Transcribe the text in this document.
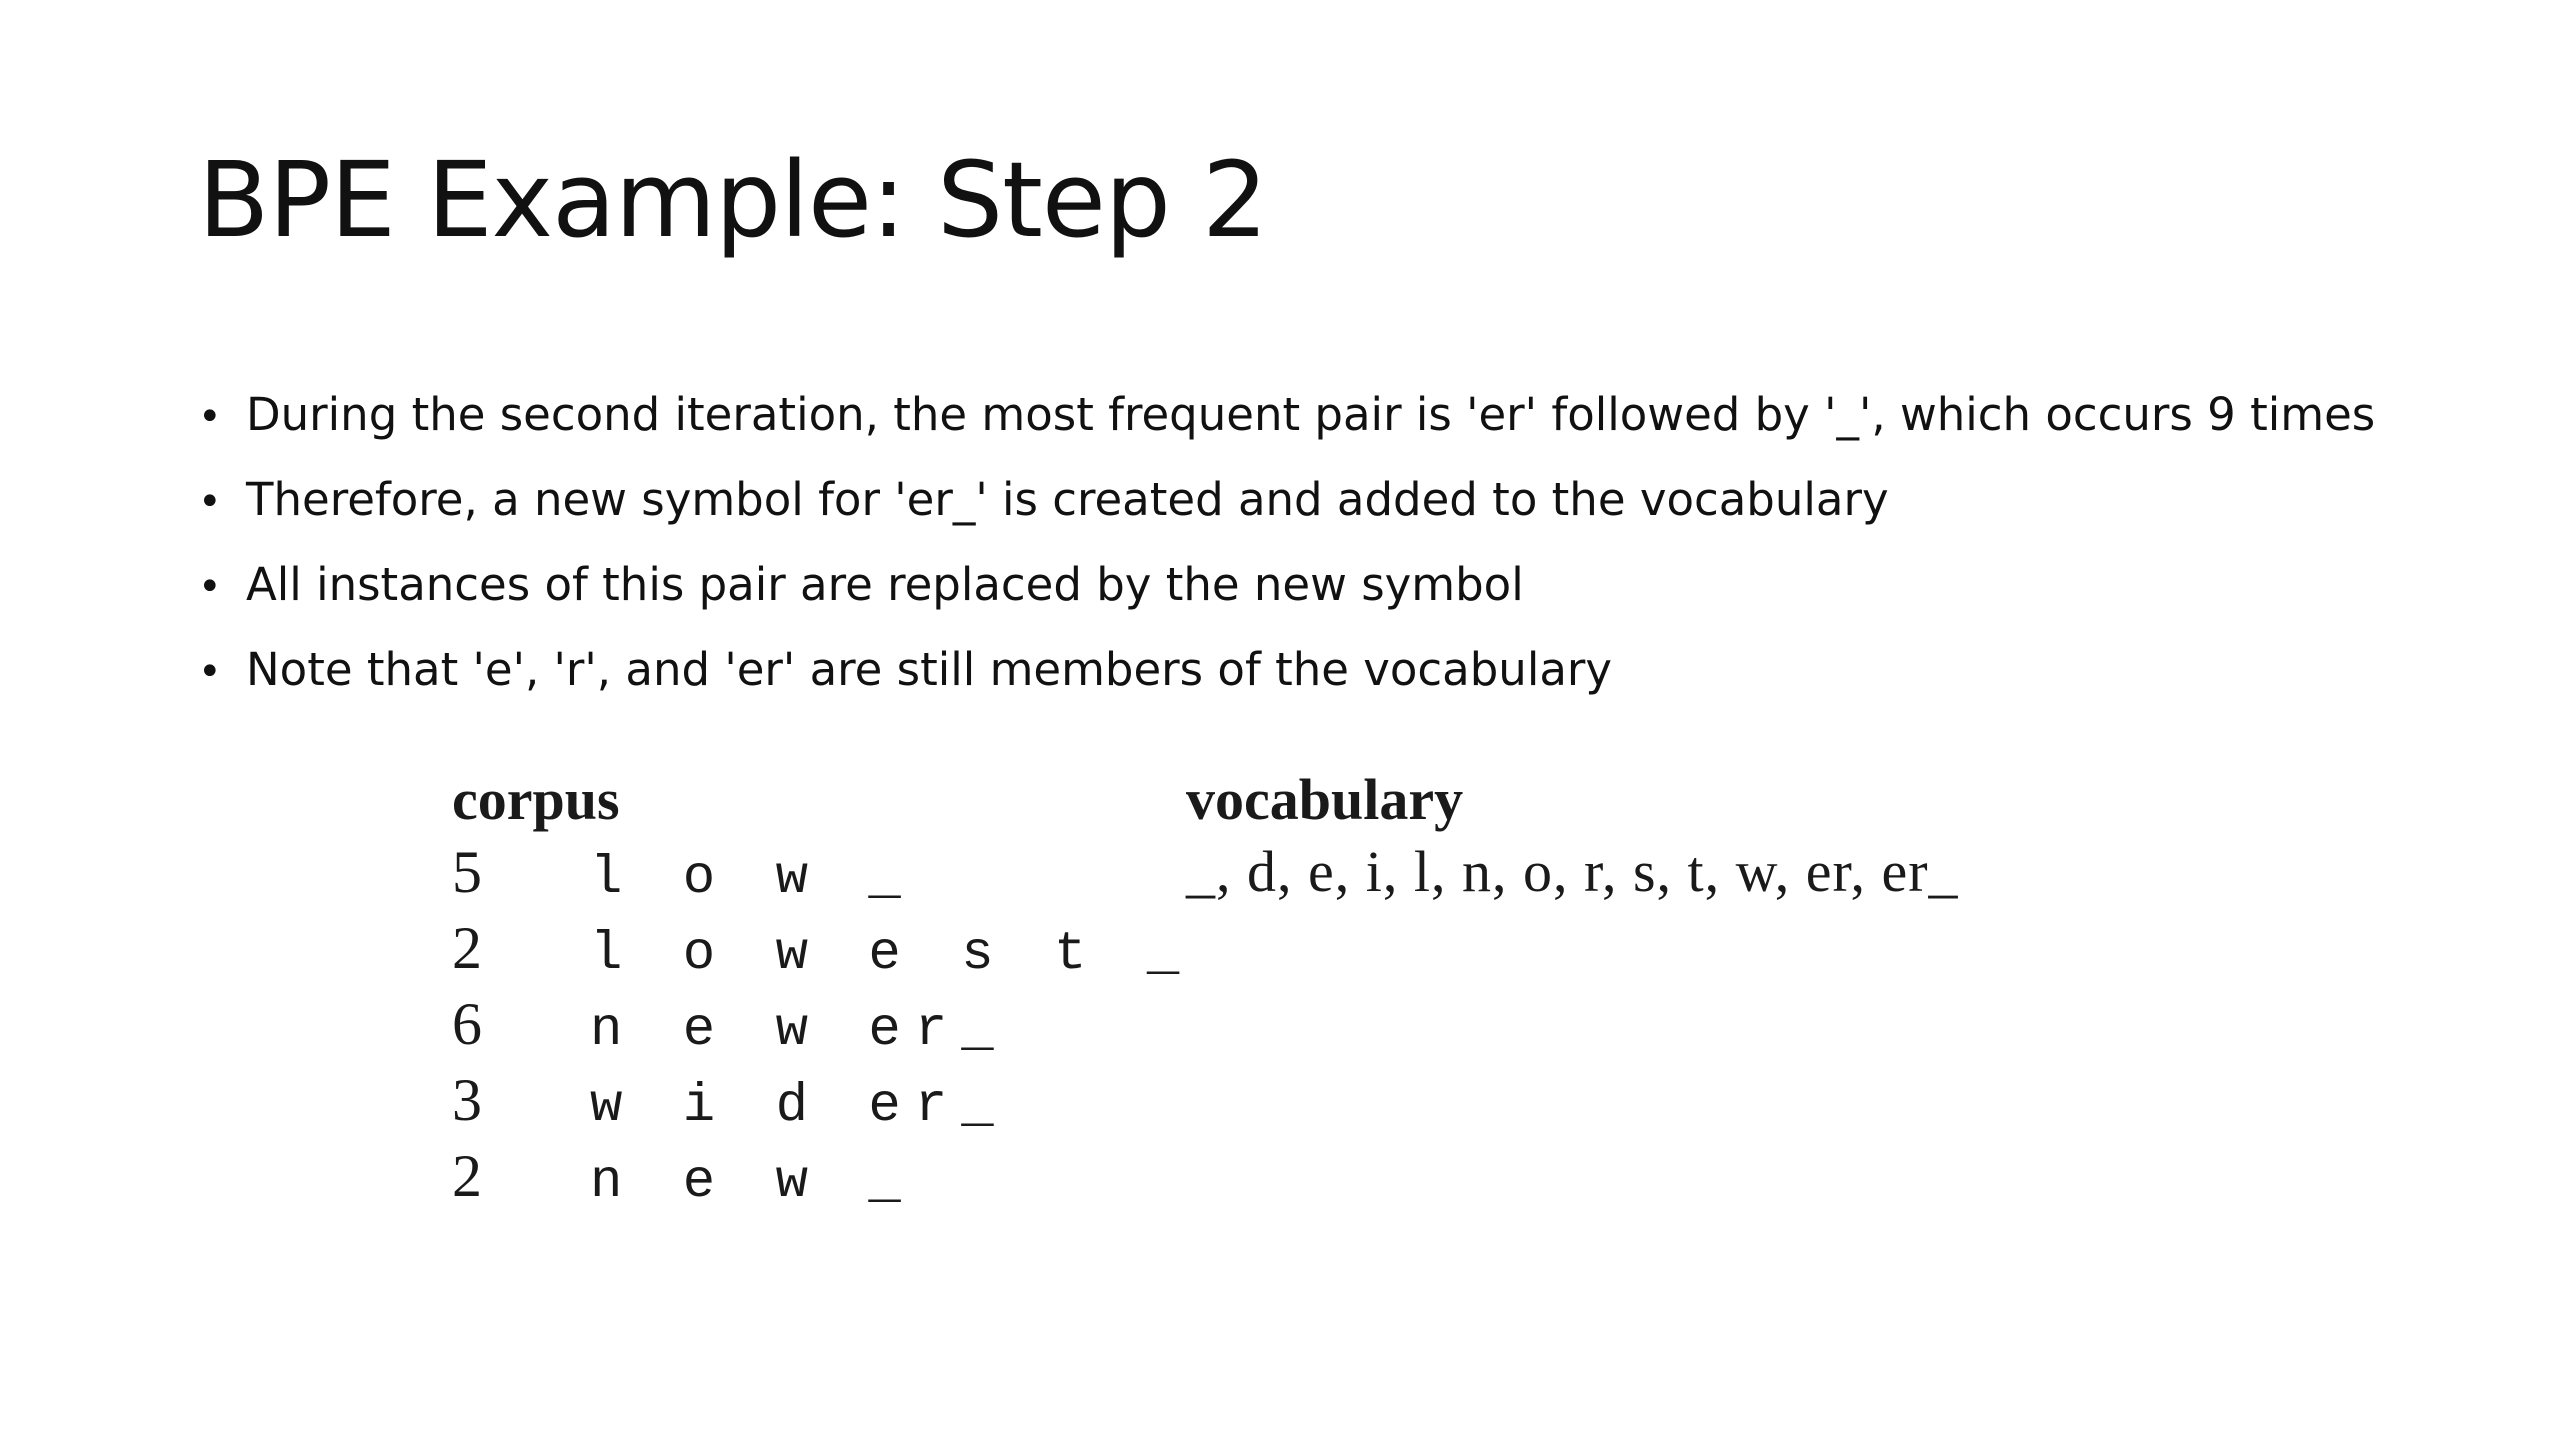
BPE Example: Step 2
• During the second iteration, the most frequent pair is 'er' followed by '_', which occurs 9 times
• Therefore, a new symbol for 'er_' is created and added to the vocabulary
• All instances of this pair are replaced by the new symbol
• Note that 'e', 'r', and 'er' are still members of the vocabulary
corpus
5	l o w _
2	l o w e s t _
6	n e w er_
3	w i d er_
2	n e w _
vocabulary
_, d, e, i, l, n, o, r, s, t, w, er, er_
